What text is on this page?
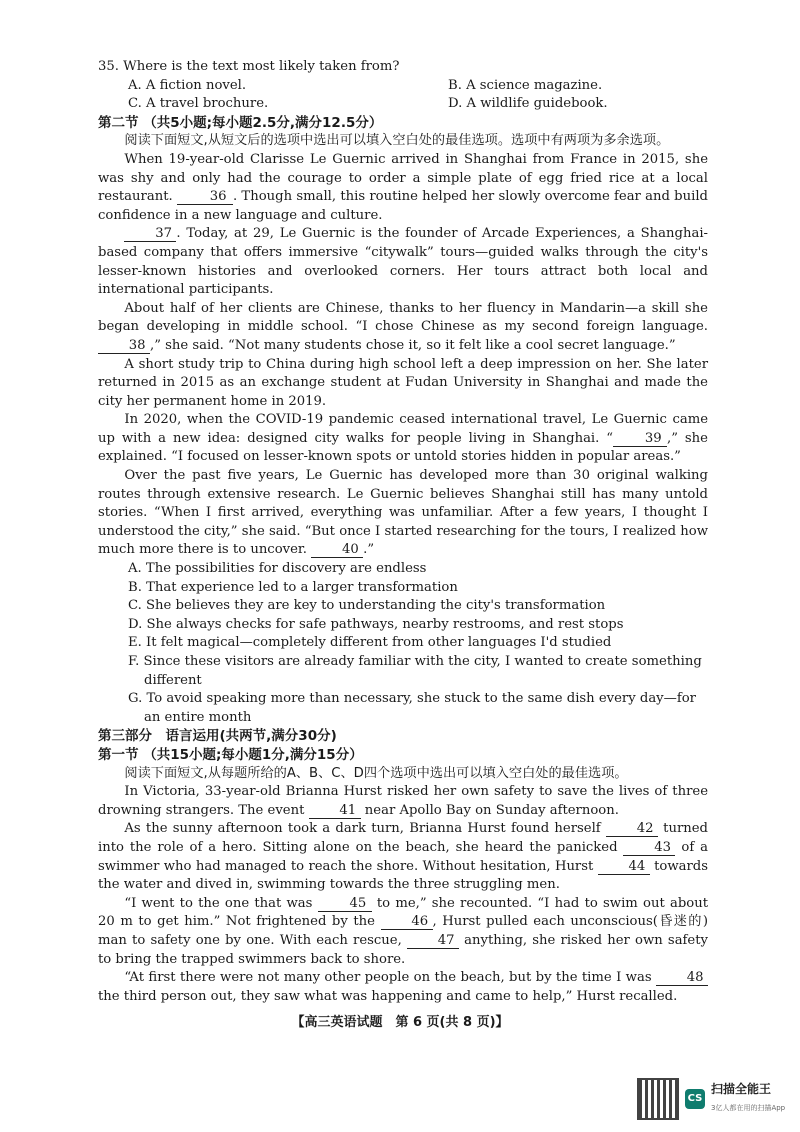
35. Where is the text most likely taken from?

A. A fiction novel.	B. A science magazine.

C. A travel brochure.	D. A wildlife guidebook.

第二节 （共5小题;每小题2.5分,满分12.5分）

阅读下面短文,从短文后的选项中选出可以填入空白处的最佳选项。选项中有两项为多余选项。

When 19-year-old Clarisse Le Guernic arrived in Shanghai from France in 2015, she was shy and only had the courage to order a simple plate of egg fried rice at a local restaurant.	36 . Though small, this routine helped her slowly overcome fear and build confidence in a new language and culture.

37 . Today, at 29, Le Guernic is the founder of Arcade Experiences, a Shanghai-based company that offers immersive “citywalk” tours—guided walks through the city's lesser-known histories and overlooked corners. Her tours attract both local and international participants.

About half of her clients are Chinese, thanks to her fluency in Mandarin—a skill she began developing in middle school. “I chose Chinese as my second foreign language. 38 ,” she said. “Not many students chose it, so it felt like a cool secret language.”

A short study trip to China during high school left a deep impression on her. She later returned in 2015 as an exchange student at Fudan University in Shanghai and made the city her permanent home in 2019.

In 2020, when the COVID-19 pandemic ceased international travel, Le Guernic came up with a new idea: designed city walks for people living in Shanghai. “ 39 ,” she explained. “I focused on lesser-known spots or untold stories hidden in popular areas.”

Over the past five years, Le Guernic has developed more than 30 original walking routes through extensive research. Le Guernic believes Shanghai still has many untold stories. “When I first arrived, everything was unfamiliar. After a few years, I thought I understood the city,” she said. “But once I started researching for the tours, I realized how much more there is to uncover.	40 .”

A. The possibilities for discovery are endless

B. That experience led to a larger transformation

C. She believes they are key to understanding the city's transformation

D. She always checks for safe pathways, nearby restrooms, and rest stops

E. It felt magical—completely different from other languages I'd studied

F. Since these visitors are already familiar with the city, I wanted to create something different

G. To avoid speaking more than necessary, she stuck to the same dish every day—for an entire month

第三部分　语言运用(共两节,满分30分)

第一节 （共15小题;每小题1分,满分15分）

阅读下面短文,从每题所给的A、B、C、D四个选项中选出可以填入空白处的最佳选项。

In Victoria, 33-year-old Brianna Hurst risked her own safety to save the lives of three drowning strangers. The event	41 near Apollo Bay on Sunday afternoon.

As the sunny afternoon took a dark turn, Brianna Hurst found herself	42 turned into the role of a hero. Sitting alone on the beach, she heard the panicked	43 of a swimmer who had managed to reach the shore. Without hesitation, Hurst	44 towards the water and dived in, swimming towards the three struggling men.

“I went to the one that was	45 to me,” she recounted. “I had to swim out about 20 m to get him.” Not frightened by the	46 , Hurst pulled each unconscious(昏迷的) man to safety one by one. With each rescue,	47 anything, she risked her own safety to bring the trapped swimmers back to shore.

“At first there were not many other people on the beach, but by the time I was	48 the third person out, they saw what was happening and came to help,” Hurst recalled.

【高三英语试题　第 6 页(共 8 页)】
CS
扫描全能王
3亿人都在用的扫描App
